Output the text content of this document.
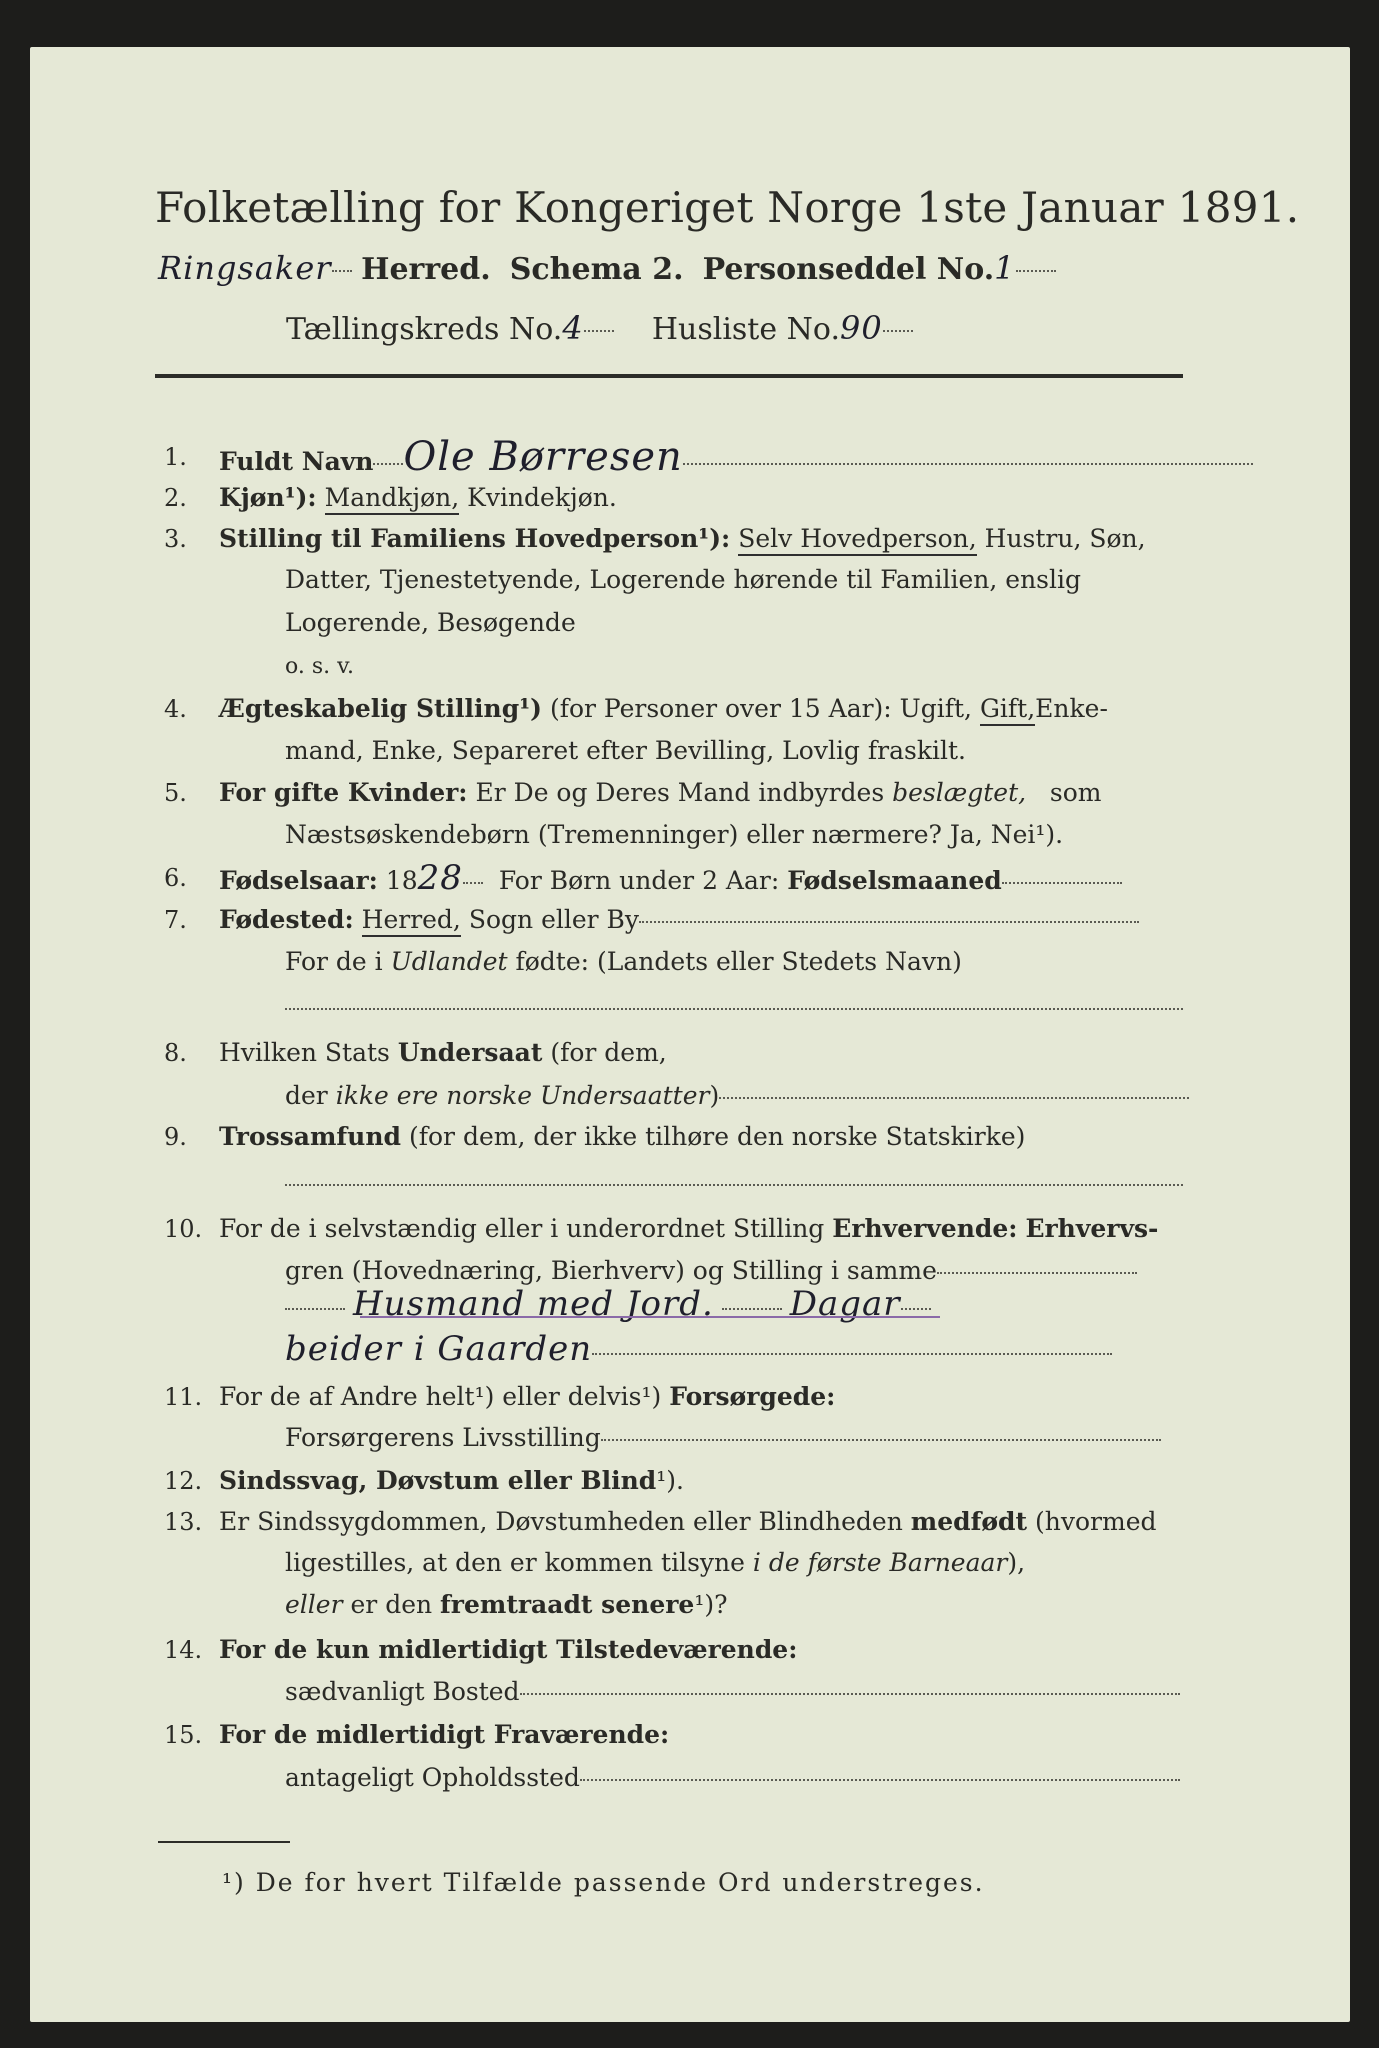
Folketælling for Kongeriget Norge 1ste Januar 1891.
Ringsaker Herred. Schema 2. Personseddel No.1
Tællingskreds No.4 Husliste No.90
1.	Fuldt Navn Ole Børresen
2.	Kjøn¹): Mandkjøn, Kvindekjøn.
3.	Stilling til Familiens Hovedperson¹): Selv Hovedperson, Hustru, Søn,
Datter, Tjenestetyende, Logerende hørende til Familien, enslig
Logerende, Besøgende
o. s. v.
4.	Ægteskabelig Stilling¹) (for Personer over 15 Aar): Ugift, Gift,Enke-
mand, Enke, Separeret efter Bevilling, Lovlig fraskilt.
5.	For gifte Kvinder: Er De og Deres Mand indbyrdes beslægtet, som
Næstsøskendebørn (Tremenninger) eller nærmere? Ja, Nei¹).
6.	Fødselsaar: 1828 For Børn under 2 Aar: Fødselsmaaned
7.	Fødested: Herred, Sogn eller By
For de i Udlandet fødte: (Landets eller Stedets Navn)
8.	Hvilken Stats Undersaat (for dem,
der ikke ere norske Undersaatter)
9.	Trossamfund (for dem, der ikke tilhøre den norske Statskirke)
10. For de i selvstændig eller i underordnet Stilling Erhvervende: Erhvervs-
gren (Hovednæring, Bierhverv) og Stilling i samme
Husmand med Jord. Dagar
beider i Gaarden
11. For de af Andre helt¹) eller delvis¹) Forsørgede:
Forsørgerens Livsstilling
12. Sindssvag, Døvstum eller Blind¹).
13. Er Sindssygdommen, Døvstumheden eller Blindheden medfødt (hvormed
ligestilles, at den er kommen tilsyne i de første Barneaar),
eller er den fremtraadt senere¹)?
14. For de kun midlertidigt Tilstedeværende:
sædvanligt Bosted
15. For de midlertidigt Fraværende:
antageligt Opholdssted
¹) De for hvert Tilfælde passende Ord understreges.
